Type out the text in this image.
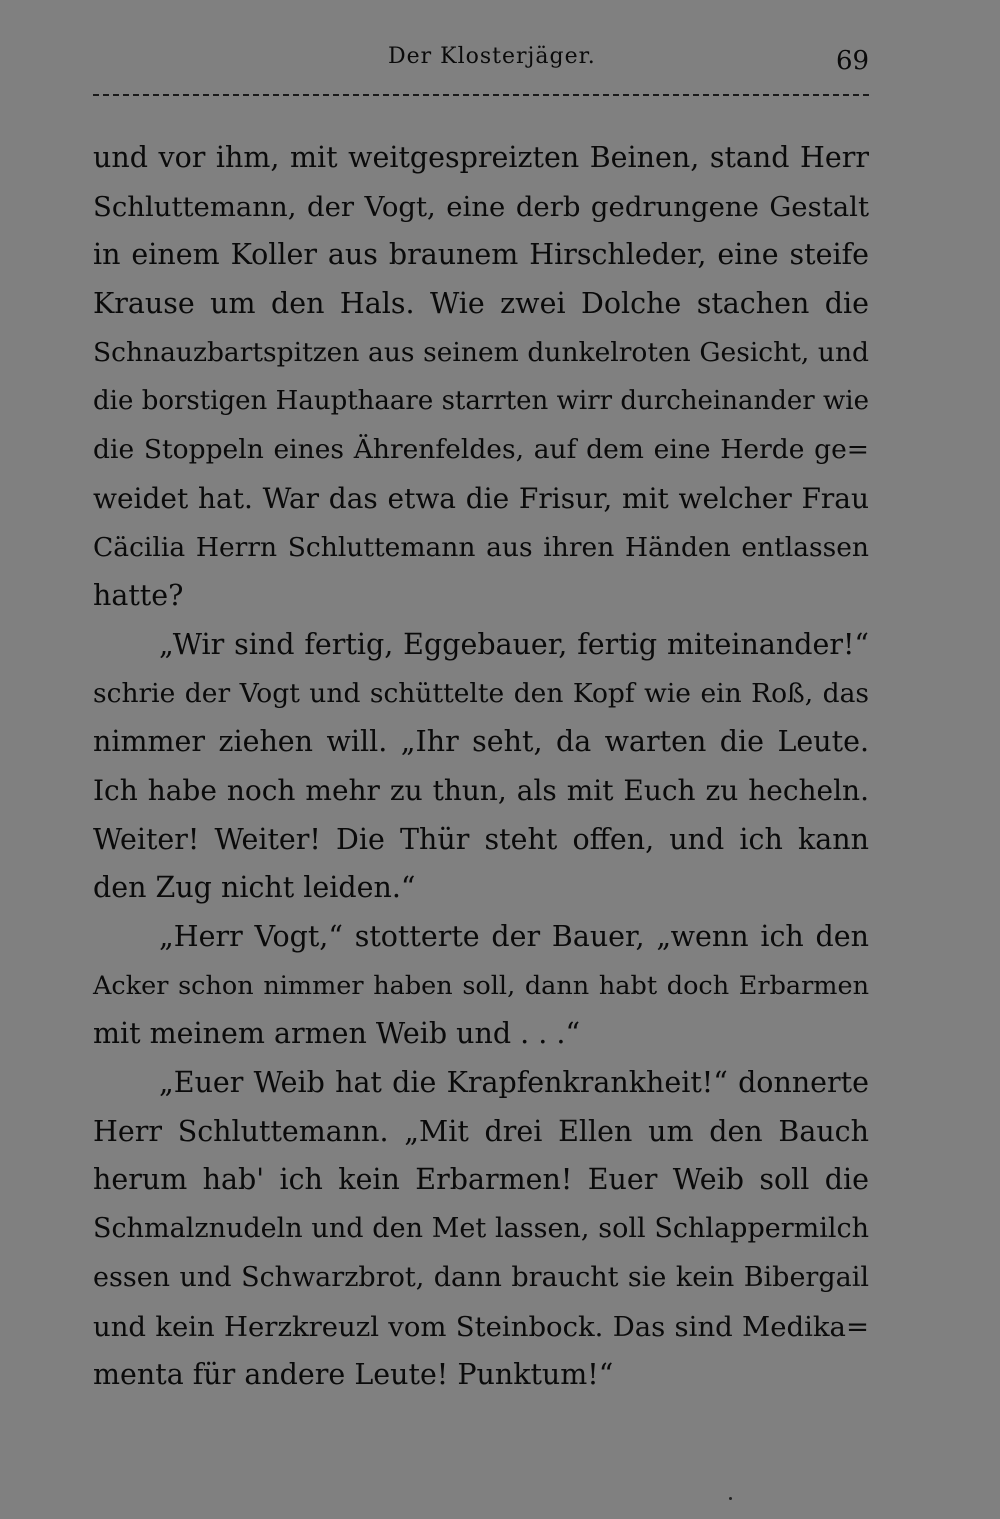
Der Klosterjäger.	69
und vor ihm, mit weitgespreizten Beinen, stand Herr
Schluttemann, der Vogt, eine derb gedrungene Gestalt
in einem Koller aus braunem Hirschleder, eine steife
Krause um den Hals. Wie zwei Dolche stachen die
Schnauzbartspitzen aus seinem dunkelroten Gesicht, und
die borstigen Haupthaare starrten wirr durcheinander wie
die Stoppeln eines Ährenfeldes, auf dem eine Herde ge=
weidet hat. War das etwa die Frisur, mit welcher Frau
Cäcilia Herrn Schluttemann aus ihren Händen entlassen
hatte?
„Wir sind fertig, Eggebauer, fertig miteinander!“
schrie der Vogt und schüttelte den Kopf wie ein Roß, das
nimmer ziehen will. „Ihr seht, da warten die Leute.
Ich habe noch mehr zu thun, als mit Euch zu hecheln.
Weiter! Weiter! Die Thür steht offen, und ich kann
den Zug nicht leiden.“
„Herr Vogt,“ stotterte der Bauer, „wenn ich den
Acker schon nimmer haben soll, dann habt doch Erbarmen
mit meinem armen Weib und . . .“
„Euer Weib hat die Krapfenkrankheit!“ donnerte
Herr Schluttemann. „Mit drei Ellen um den Bauch
herum hab' ich kein Erbarmen! Euer Weib soll die
Schmalznudeln und den Met lassen, soll Schlappermilch
essen und Schwarzbrot, dann braucht sie kein Bibergail
und kein Herzkreuzl vom Steinbock. Das sind Medika=
menta für andere Leute! Punktum!“
